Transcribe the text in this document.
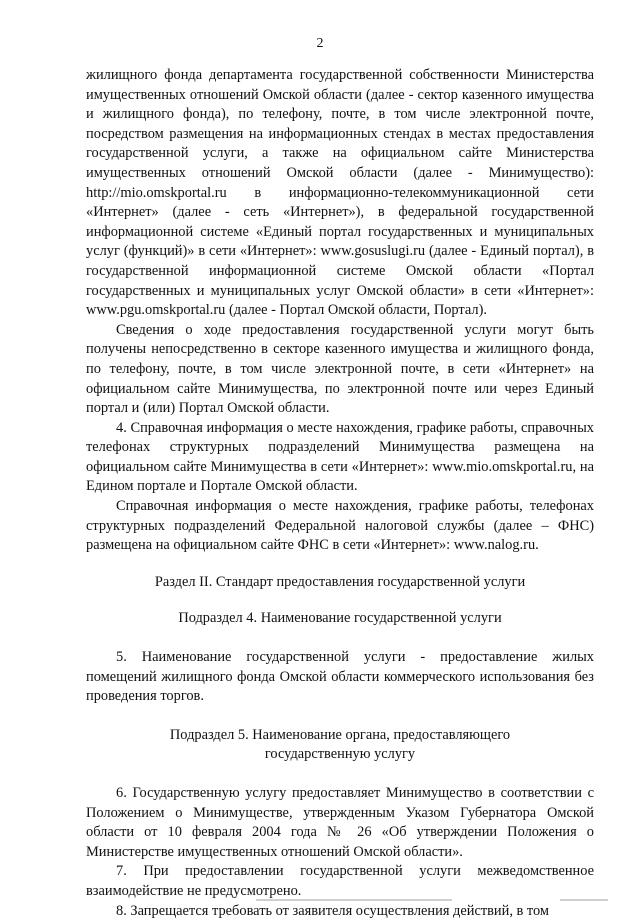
2

жилищного фонда департамента государственной собственности Министерства имущественных отношений Омской области (далее - сектор казенного имущества и жилищного фонда), по телефону, почте, в том числе электронной почте, посредством размещения на информационных стендах в местах предоставления государственной услуги, а также на официальном сайте Министерства имущественных отношений Омской области (далее - Минимущество): http://mio.omskportal.ru в информационно-телекоммуникационной сети «Интернет» (далее - сеть «Интернет»), в федеральной государственной информационной системе «Единый портал государственных и муниципальных услуг (функций)» в сети «Интернет»: www.gosuslugi.ru (далее - Единый портал), в государственной информационной системе Омской области «Портал государственных и муниципальных услуг Омской области» в сети «Интернет»: www.pgu.omskportal.ru (далее - Портал Омской области, Портал).

Сведения о ходе предоставления государственной услуги могут быть получены непосредственно в секторе казенного имущества и жилищного фонда, по телефону, почте, в том числе электронной почте, в сети «Интернет» на официальном сайте Минимущества, по электронной почте или через Единый портал и (или) Портал Омской области.

4. Справочная информация о месте нахождения, графике работы, справочных телефонах структурных подразделений Минимущества размещена на официальном сайте Минимущества в сети «Интернет»: www.mio.omskportal.ru, на Едином портале и Портале Омской области.

Справочная информация о месте нахождения, графике работы, телефонах структурных подразделений Федеральной налоговой службы (далее – ФНС) размещена на официальном сайте ФНС в сети «Интернет»: www.nalog.ru.

Раздел II. Стандарт предоставления государственной услуги

Подраздел 4. Наименование государственной услуги

5. Наименование государственной услуги - предоставление жилых помещений жилищного фонда Омской области коммерческого использования без проведения торгов.

Подраздел 5. Наименование органа, предоставляющего

государственную услугу

6. Государственную услугу предоставляет Минимущество в соответствии с Положением о Минимуществе, утвержденным Указом Губернатора Омской области от 10 февраля 2004 года № 26 «Об утверждении Положения о Министерстве имущественных отношений Омской области».

7. При предоставлении государственной услуги межведомственное взаимодействие не предусмотрено.

8. Запрещается требовать от заявителя осуществления действий, в том
